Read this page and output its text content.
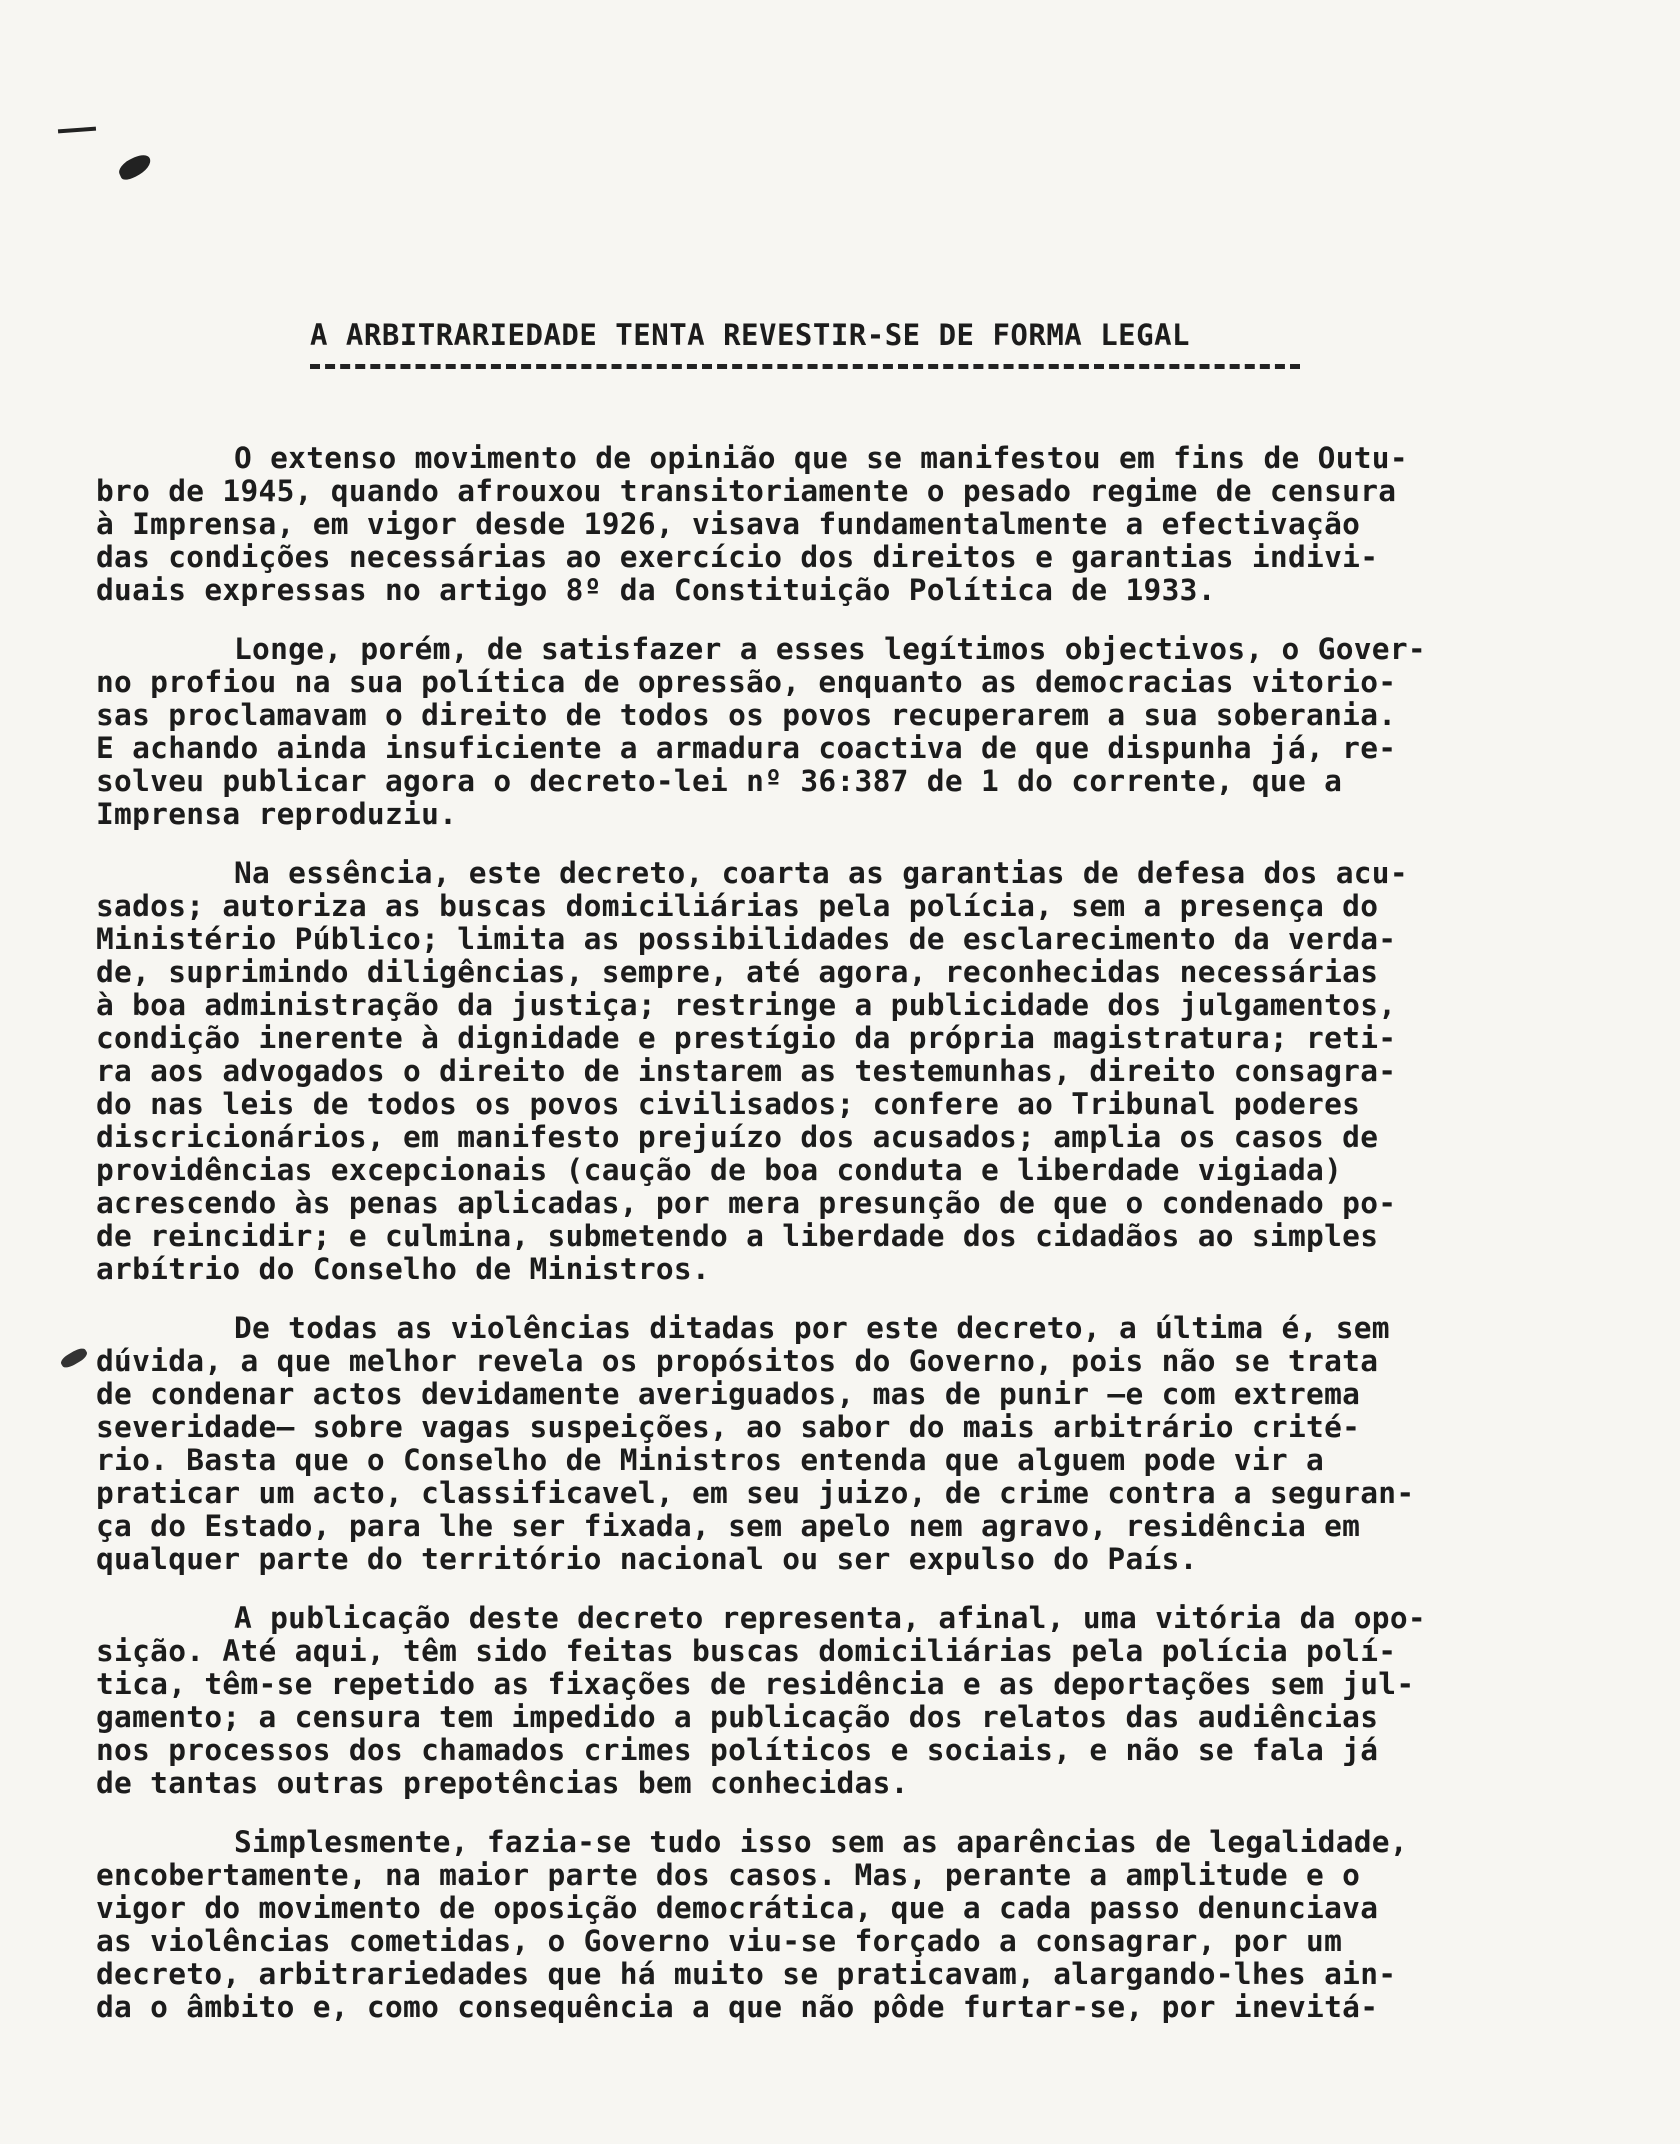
A ARBITRARIEDADE TENTA REVESTIR-SE DE FORMA LEGAL
O extenso movimento de opinião que se manifestou em fins de Outu-
bro de 1945, quando afrouxou transitoriamente o pesado regime de censura
à Imprensa, em vigor desde 1926, visava fundamentalmente a efectivação
das condições necessárias ao exercício dos direitos e garantias indivi-
duais expressas no artigo 8º da Constituição Política de 1933.
Longe, porém, de satisfazer a esses legítimos objectivos, o Gover-
no profiou na sua política de opressão, enquanto as democracias vitorio-
sas proclamavam o direito de todos os povos recuperarem a sua soberania.
E achando ainda insuficiente a armadura coactiva de que dispunha já, re-
solveu publicar agora o decreto-lei nº 36:387 de 1 do corrente, que a
Imprensa reproduziu.
Na essência, este decreto, coarta as garantias de defesa dos acu-
sados; autoriza as buscas domiciliárias pela polícia, sem a presença do
Ministério Público; limita as possibilidades de esclarecimento da verda-
de, suprimindo diligências, sempre, até agora, reconhecidas necessárias
à boa administração da justiça; restringe a publicidade dos julgamentos,
condição inerente à dignidade e prestígio da própria magistratura; reti-
ra aos advogados o direito de instarem as testemunhas, direito consagra-
do nas leis de todos os povos civilisados; confere ao Tribunal poderes
discricionários, em manifesto prejuízo dos acusados; amplia os casos de
providências excepcionais (caução de boa conduta e liberdade vigiada)
acrescendo às penas aplicadas, por mera presunção de que o condenado po-
de reincidir; e culmina, submetendo a liberdade dos cidadãos ao simples
arbítrio do Conselho de Ministros.
De todas as violências ditadas por este decreto, a última é, sem
dúvida, a que melhor revela os propósitos do Governo, pois não se trata
de condenar actos devidamente averiguados, mas de punir —e com extrema
severidade— sobre vagas suspeições, ao sabor do mais arbitrário crité-
rio. Basta que o Conselho de Ministros entenda que alguem pode vir a
praticar um acto, classificavel, em seu juizo, de crime contra a seguran-
ça do Estado, para lhe ser fixada, sem apelo nem agravo, residência em
qualquer parte do território nacional ou ser expulso do País.
A publicação deste decreto representa, afinal, uma vitória da opo-
sição. Até aqui, têm sido feitas buscas domiciliárias pela polícia polí-
tica, têm-se repetido as fixações de residência e as deportações sem jul-
gamento; a censura tem impedido a publicação dos relatos das audiências
nos processos dos chamados crimes políticos e sociais, e não se fala já
de tantas outras prepotências bem conhecidas.
Simplesmente, fazia-se tudo isso sem as aparências de legalidade,
encobertamente, na maior parte dos casos. Mas, perante a amplitude e o
vigor do movimento de oposição democrática, que a cada passo denunciava
as violências cometidas, o Governo viu-se forçado a consagrar, por um
decreto, arbitrariedades que há muito se praticavam, alargando-lhes ain-
da o âmbito e, como consequência a que não pôde furtar-se, por inevitá-
